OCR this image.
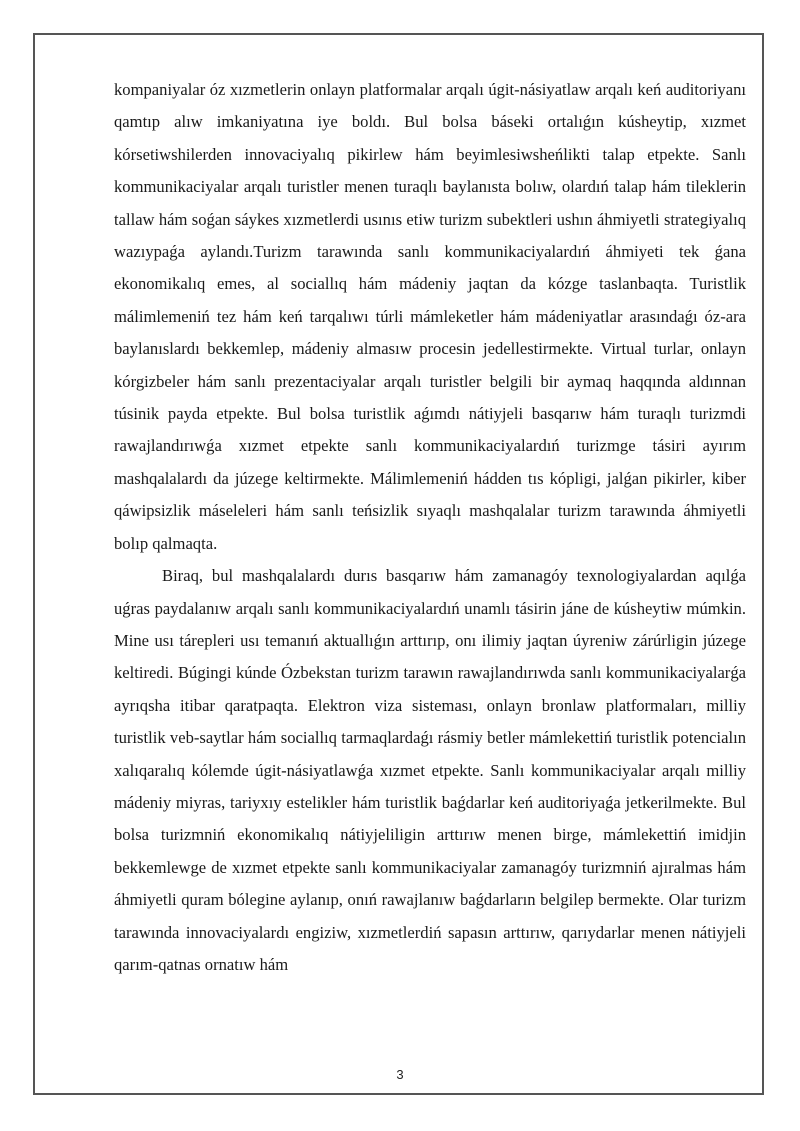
kompaniyalar óz xızmetlerin onlayn platformalar arqalı úgit-násiyatlaw arqalı keń auditoriyanı qamtıp alıw imkaniyatına iye boldı. Bul bolsa báseki ortalıǵın kúsheytip, xızmet kórsetiwshilerden innovaciyalıq pikirlew hám beyimlesiwsheńlikti talap etpekte. Sanlı kommunikaciyalar arqalı turistler menen turaqlı baylanısta bolıw, olardıń talap hám tileklerin tallaw hám soǵan sáykes xızmetlerdi usınıs etiw turizm subektleri ushın áhmiyetli strategiyalıq wazıypaǵa aylandı.Turizm tarawında sanlı kommunikaciyalardıń áhmiyeti tek ǵana ekonomikalıq emes, al sociallıq hám mádeniy jaqtan da kózge taslanbaqta. Turistlik málimlemeniń tez hám keń tarqalıwı túrli mámleketler hám mádeniyatlar arasındaǵı óz-ara baylanıslardı bekkemlep, mádeniy almasıw procesin jedellestirmekte. Virtual turlar, onlayn kórgizbeler hám sanlı prezentaciyalar arqalı turistler belgili bir aymaq haqqında aldınnan túsinik payda etpekte. Bul bolsa turistlik aǵımdı nátiyjeli basqarıw hám turaqlı turizmdi rawajlandırıwǵa xızmet etpekte sanlı kommunikaciyalardıń turizmge tásiri ayırım mashqalalardı da júzege keltirmekte. Málimlemeniń hádden tıs kópligi, jalǵan pikirler, kiber qáwipsizlik máseleleri hám sanlı teńsizlik sıyaqlı mashqalalar turizm tarawında áhmiyetli bolıp qalmaqta.

Biraq, bul mashqalalardı durıs basqarıw hám zamanagóy texnologiyalardan aqılǵa uǵras paydalanıw arqalı sanlı kommunikaciyalardıń unamlı tásirin jáne de kúsheytiw múmkin. Mine usı tárepleri usı temanıń aktuallıǵın arttırıp, onı ilimiy jaqtan úyreniw zárúrligin júzege keltiredi. Búgingi kúnde Ózbekstan turizm tarawın rawajlandırıwda sanlı kommunikaciyalarǵa ayrıqsha itibar qaratpaqta. Elektron viza sisteması, onlayn bronlaw platformaları, milliy turistlik veb-saytlar hám sociallıq tarmaqlardaǵı rásmiy betler mámlekettiń turistlik potencialın xalıqaralıq kólemde úgit-násiyatlawǵa xızmet etpekte. Sanlı kommunikaciyalar arqalı milliy mádeniy miyras, tariyxıy estelikler hám turistlik baǵdarlar keń auditoriyaǵa jetkerilmekte. Bul bolsa turizmniń ekonomikalıq nátiyjeliligin arttırıw menen birge, mámlekettiń imidjin bekkemlewge de xızmet etpekte sanlı kommunikaciyalar zamanagóy turizmniń ajıralmas hám áhmiyetli quram bólegine aylanıp, onıń rawajlanıw baǵdarların belgilep bermekte. Olar turizm tarawında innovaciyalardı engiziw, xızmetlerdiń sapasın arttırıw, qarıydarlar menen nátiyjeli qarım-qatnas ornatıw hám

3
